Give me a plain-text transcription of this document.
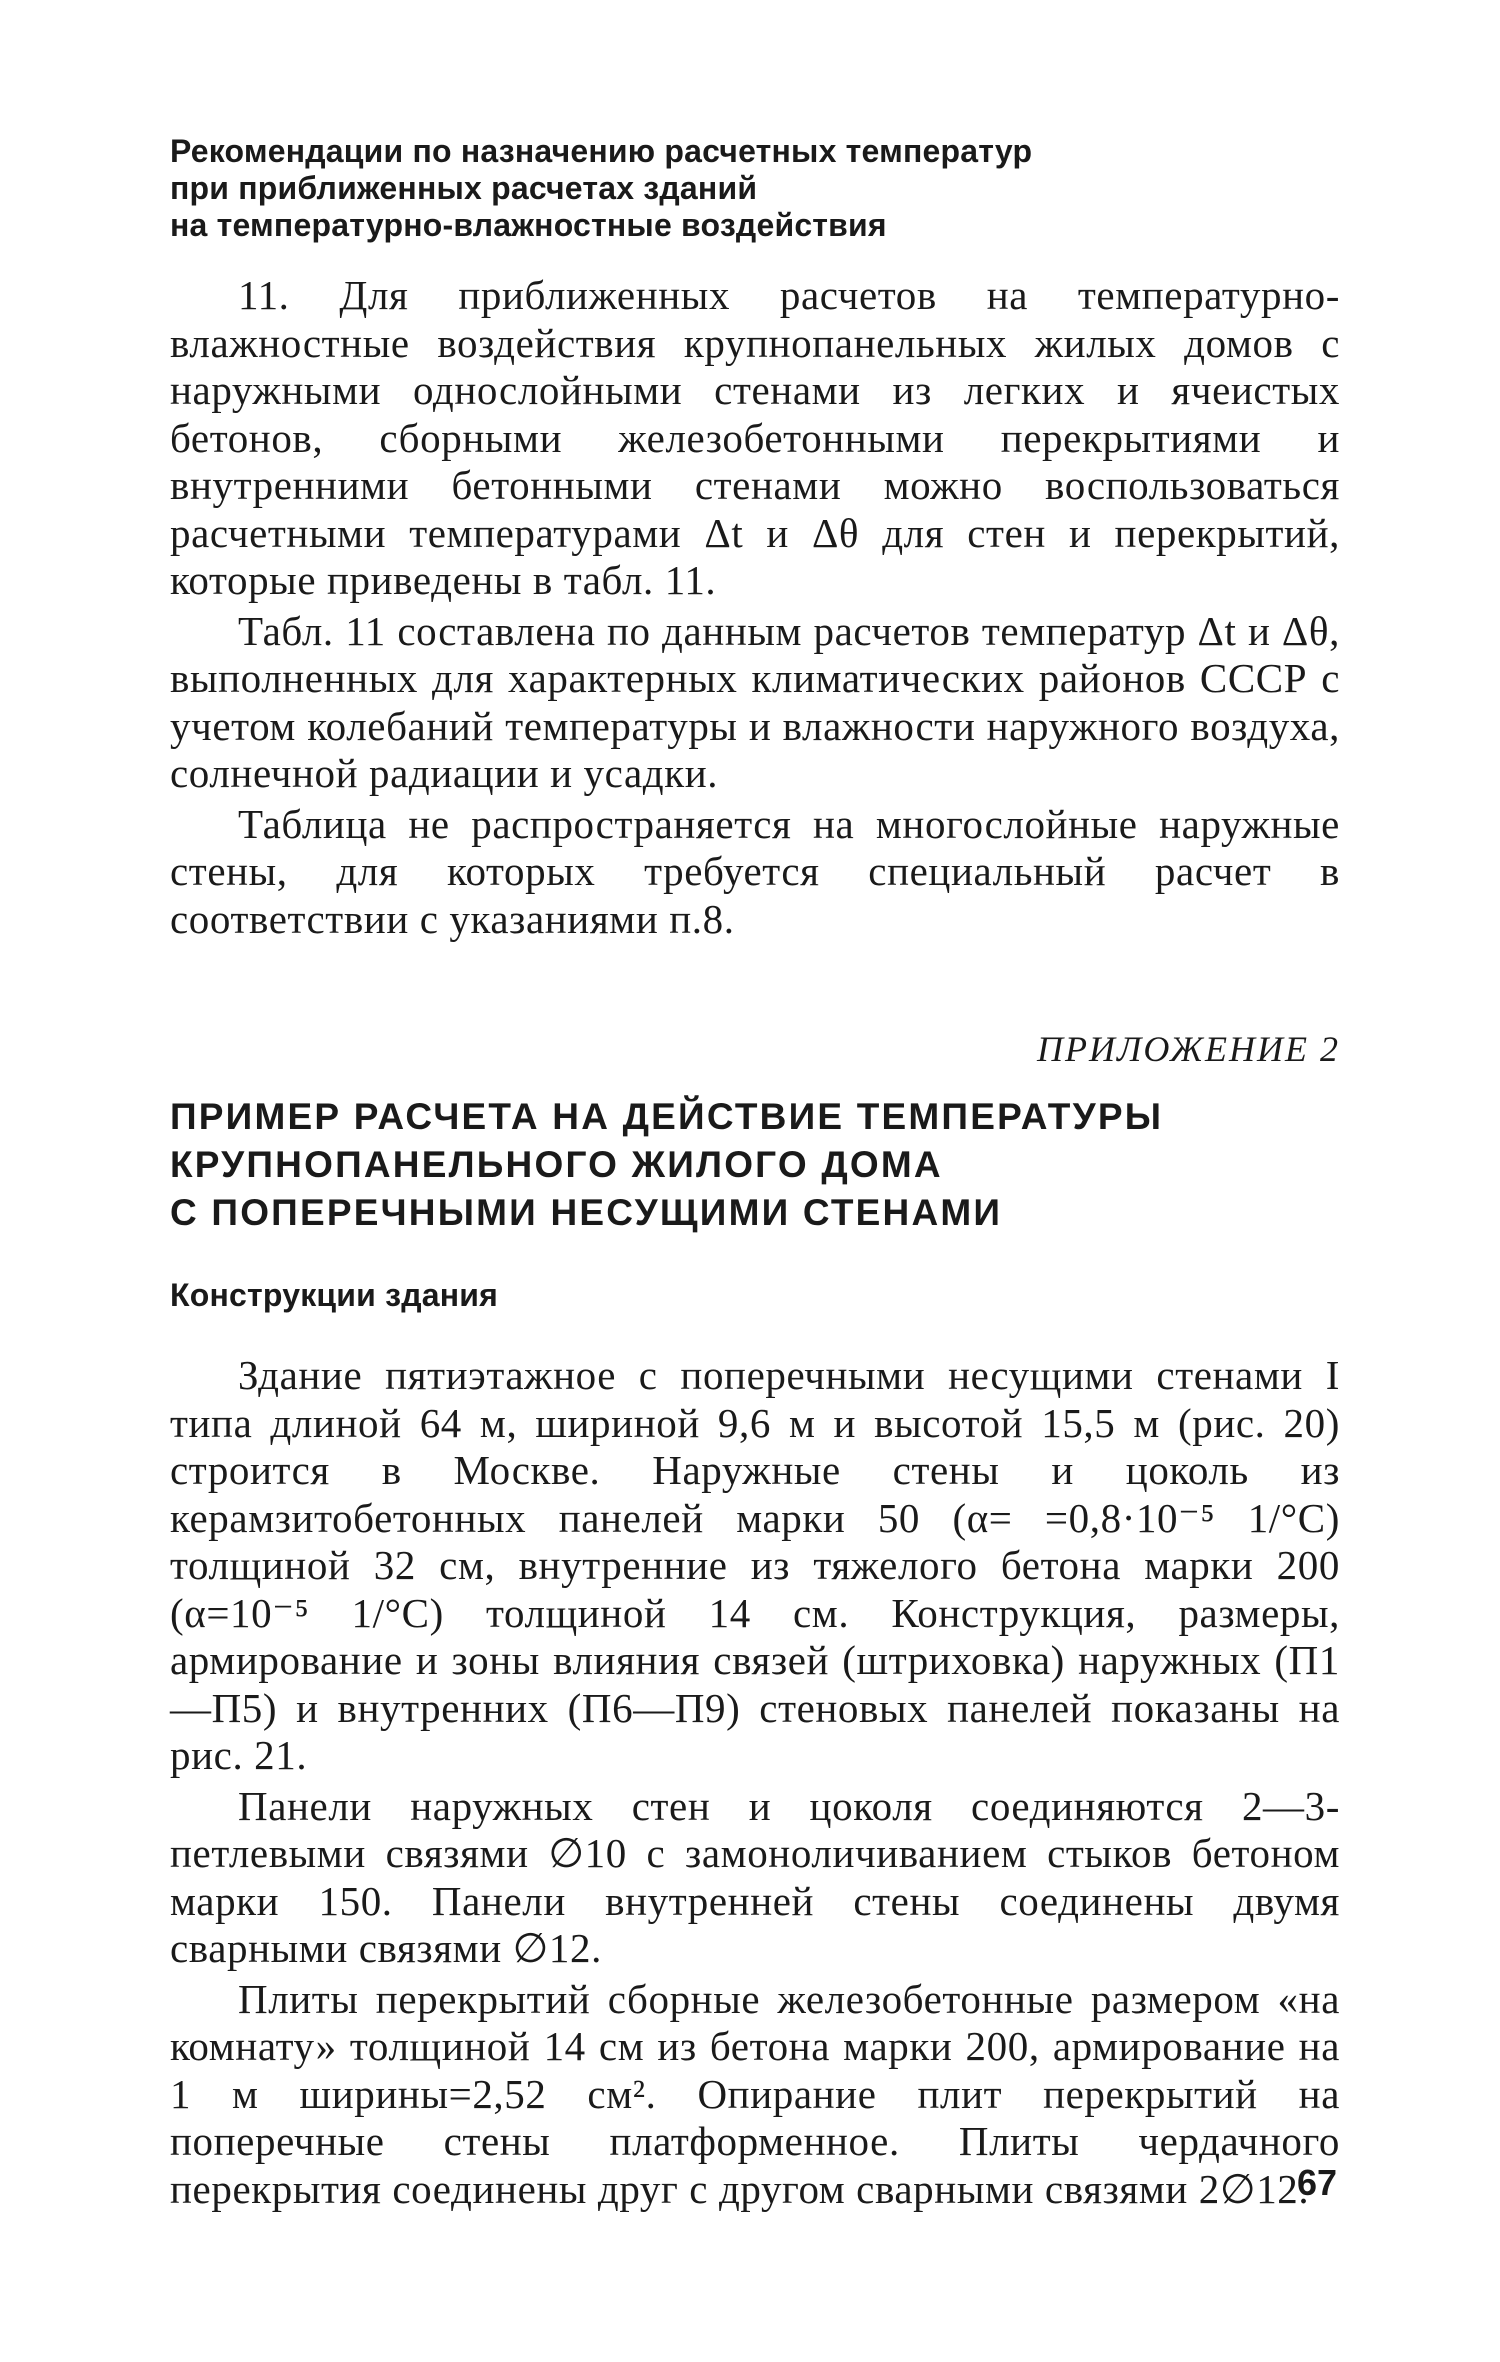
Рекомендации по назначению расчетных температур
при приближенных расчетах зданий
на температурно-влажностные воздействия

11. Для приближенных расчетов на температурно-влажностные воздействия крупнопанельных жилых домов с наружными однослойными стенами из легких и ячеистых бетонов, сборными железобетонными перекрытиями и внутренними бетонными стенами можно воспользоваться расчетными температурами Δt и Δθ для стен и перекрытий, которые приведены в табл. 11.

Табл. 11 составлена по данным расчетов температур Δt и Δθ, выполненных для характерных климатических районов СССР с учетом колебаний температуры и влажности наружного воздуха, солнечной радиации и усадки.

Таблица не распространяется на многослойные наружные стены, для которых требуется специальный расчет в соответствии с указаниями п.8.

ПРИЛОЖЕНИЕ 2
ПРИМЕР РАСЧЕТА НА ДЕЙСТВИЕ ТЕМПЕРАТУРЫ
КРУПНОПАНЕЛЬНОГО ЖИЛОГО ДОМА
С ПОПЕРЕЧНЫМИ НЕСУЩИМИ СТЕНАМИ
Конструкции здания

Здание пятиэтажное с поперечными несущими стенами I типа длиной 64 м, шириной 9,6 м и высотой 15,5 м (рис. 20) строится в Москве. Наружные стены и цоколь из керамзитобетонных панелей марки 50 (α= =0,8·10⁻⁵ 1/°С) толщиной 32 см, внутренние из тяжелого бетона марки 200 (α=10⁻⁵ 1/°С) толщиной 14 см. Конструкция, размеры, армирование и зоны влияния связей (штриховка) наружных (П1—П5) и внутренних (П6—П9) стеновых панелей показаны на рис. 21.

Панели наружных стен и цоколя соединяются 2—3-петлевыми связями ∅10 с замоноличиванием стыков бетоном марки 150. Панели внутренней стены соединены двумя сварными связями ∅12.

Плиты перекрытий сборные железобетонные размером «на комнату» толщиной 14 см из бетона марки 200, армирование на 1 м ширины=2,52 см². Опирание плит перекрытий на поперечные стены платформенное. Плиты чердачного перекрытия соединены друг с другом сварными связями 2∅12.

67
